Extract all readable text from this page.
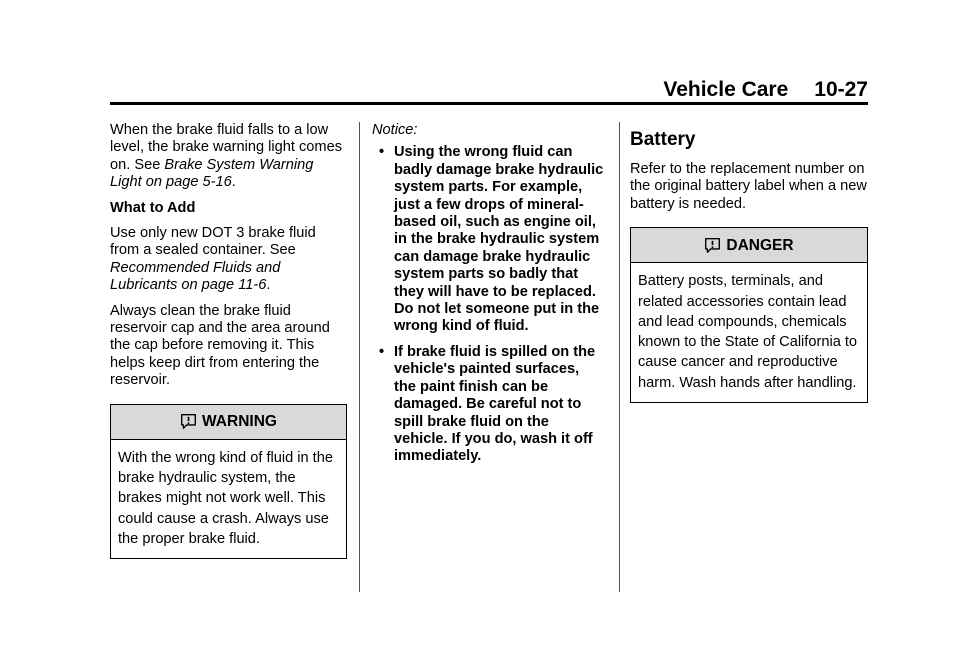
Vehicle Care 10-27

When the brake fluid falls to a low level, the brake warning light comes on. See Brake System Warning Light on page 5-16.

What to Add

Use only new DOT 3 brake fluid from a sealed container. See Recommended Fluids and Lubricants on page 11-6.

Always clean the brake fluid reservoir cap and the area around the cap before removing it. This helps keep dirt from entering the reservoir.

WARNING
With the wrong kind of fluid in the brake hydraulic system, the brakes might not work well. This could cause a crash. Always use the proper brake fluid.
Notice:
• Using the wrong fluid can badly damage brake hydraulic system parts. For example, just a few drops of mineral-based oil, such as engine oil, in the brake hydraulic system can damage brake hydraulic system parts so badly that they will have to be replaced. Do not let someone put in the wrong kind of fluid.
• If brake fluid is spilled on the vehicle's painted surfaces, the paint finish can be damaged. Be careful not to spill brake fluid on the vehicle. If you do, wash it off immediately.
Battery

Refer to the replacement number on the original battery label when a new battery is needed.

DANGER
Battery posts, terminals, and related accessories contain lead and lead compounds, chemicals known to the State of California to cause cancer and reproductive harm. Wash hands after handling.
